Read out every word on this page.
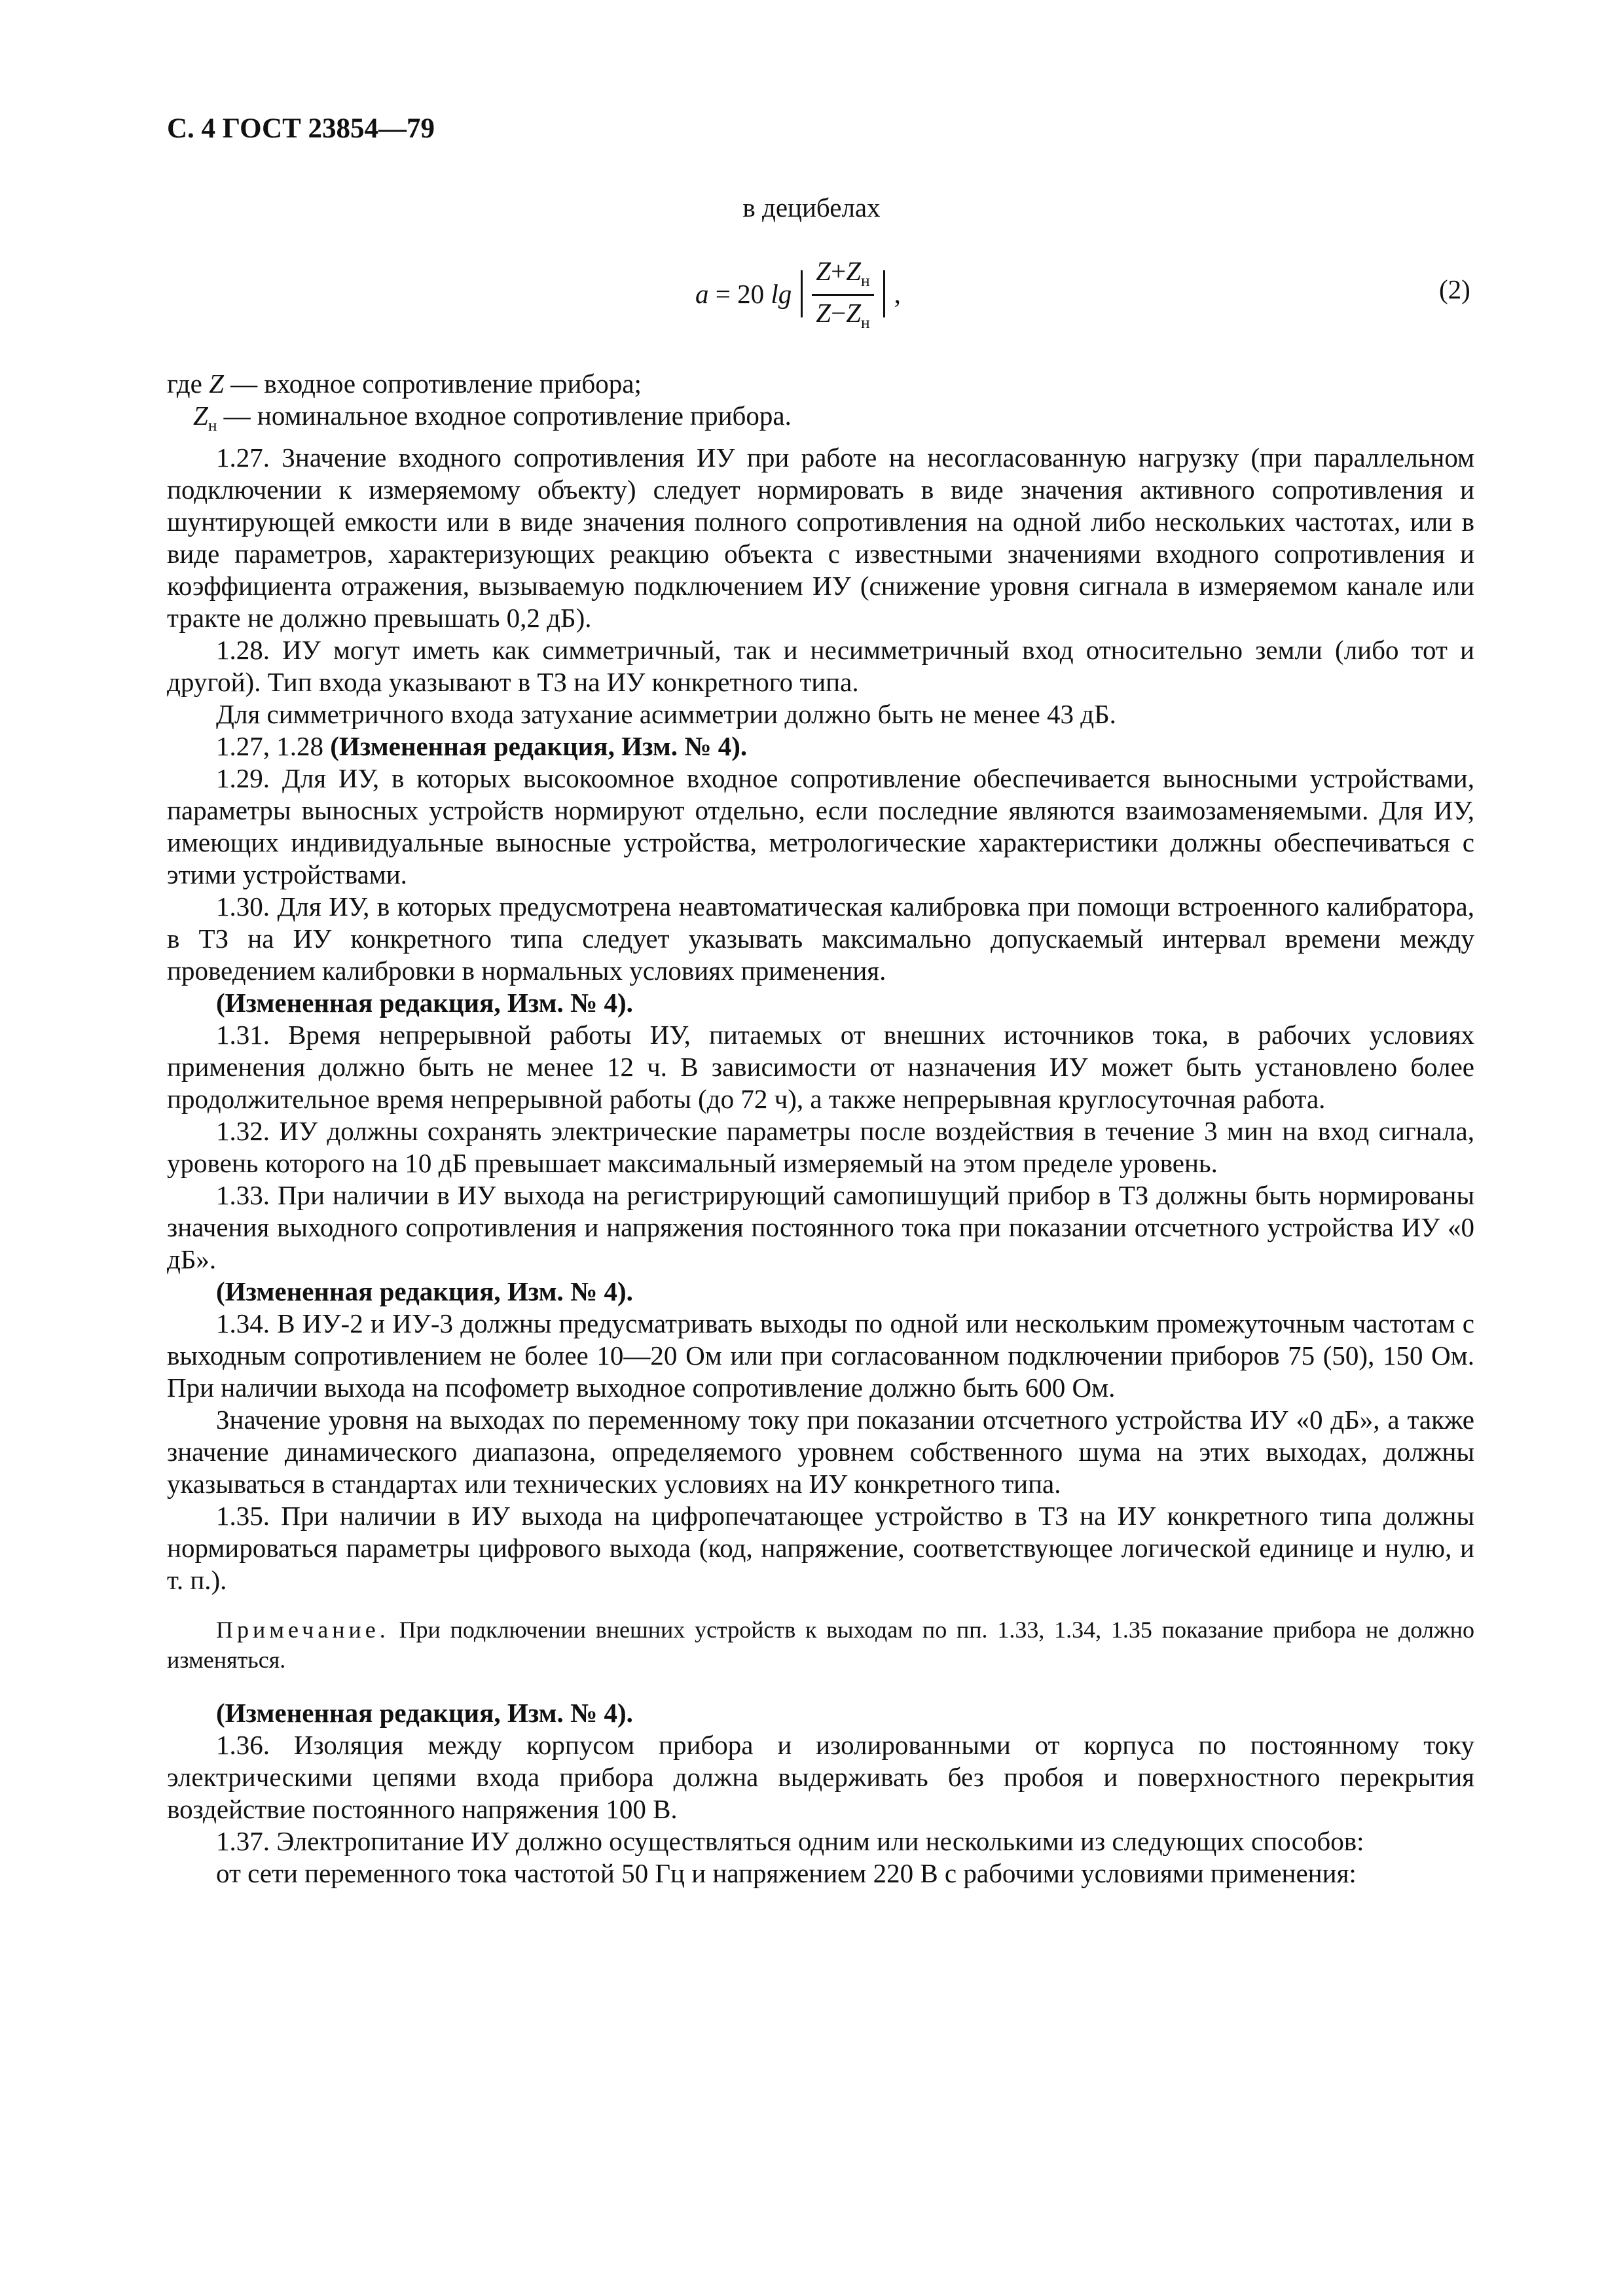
С. 4 ГОСТ 23854—79
в децибелах
a = 20 $\lg \frac{Z+Z_н}{Z-Z_н}$ ,	(2)

где Z — входное сопротивление прибора;

$Z_н$ — номинальное входное сопротивление прибора.

1.27. Значение входного сопротивления ИУ при работе на несогласованную нагрузку (при параллельном подключении к измеряемому объекту) следует нормировать в виде значения активного сопротивления и шунтирующей емкости или в виде значения полного сопротивления на одной либо нескольких частотах, или в виде параметров, характеризующих реакцию объекта с известными значениями входного сопротивления и коэффициента отражения, вызываемую подключением ИУ (снижение уровня сигнала в измеряемом канале или тракте не должно превышать 0,2 дБ).

1.28. ИУ могут иметь как симметричный, так и несимметричный вход относительно земли (либо тот и другой). Тип входа указывают в ТЗ на ИУ конкретного типа.

Для симметричного входа затухание асимметрии должно быть не менее 43 дБ.

1.27, 1.28 (Измененная редакция, Изм. № 4).

1.29. Для ИУ, в которых высокоомное входное сопротивление обеспечивается выносными устройствами, параметры выносных устройств нормируют отдельно, если последние являются взаимозаменяемыми. Для ИУ, имеющих индивидуальные выносные устройства, метрологические характеристики должны обеспечиваться с этими устройствами.

1.30. Для ИУ, в которых предусмотрена неавтоматическая калибровка при помощи встроенного калибратора, в ТЗ на ИУ конкретного типа следует указывать максимально допускаемый интервал времени между проведением калибровки в нормальных условиях применения.

(Измененная редакция, Изм. № 4).

1.31. Время непрерывной работы ИУ, питаемых от внешних источников тока, в рабочих условиях применения должно быть не менее 12 ч. В зависимости от назначения ИУ может быть установлено более продолжительное время непрерывной работы (до 72 ч), а также непрерывная круглосуточная работа.

1.32. ИУ должны сохранять электрические параметры после воздействия в течение 3 мин на вход сигнала, уровень которого на 10 дБ превышает максимальный измеряемый на этом пределе уровень.

1.33. При наличии в ИУ выхода на регистрирующий самопишущий прибор в ТЗ должны быть нормированы значения выходного сопротивления и напряжения постоянного тока при показании отсчетного устройства ИУ «0 дБ».

(Измененная редакция, Изм. № 4).

1.34. В ИУ-2 и ИУ-3 должны предусматривать выходы по одной или нескольким промежуточным частотам с выходным сопротивлением не более 10—20 Ом или при согласованном подключении приборов 75 (50), 150 Ом. При наличии выхода на псофометр выходное сопротивление должно быть 600 Ом.

Значение уровня на выходах по переменному току при показании отсчетного устройства ИУ «0 дБ», а также значение динамического диапазона, определяемого уровнем собственного шума на этих выходах, должны указываться в стандартах или технических условиях на ИУ конкретного типа.

1.35. При наличии в ИУ выхода на цифропечатающее устройство в ТЗ на ИУ конкретного типа должны нормироваться параметры цифрового выхода (код, напряжение, соответствующее логической единице и нулю, и т. п.).

Примечание. При подключении внешних устройств к выходам по пп. 1.33, 1.34, 1.35 показание прибора не должно изменяться.

(Измененная редакция, Изм. № 4).

1.36. Изоляция между корпусом прибора и изолированными от корпуса по постоянному току электрическими цепями входа прибора должна выдерживать без пробоя и поверхностного перекрытия воздействие постоянного напряжения 100 В.

1.37. Электропитание ИУ должно осуществляться одним или несколькими из следующих способов:

от сети переменного тока частотой 50 Гц и напряжением 220 В с рабочими условиями применения:
